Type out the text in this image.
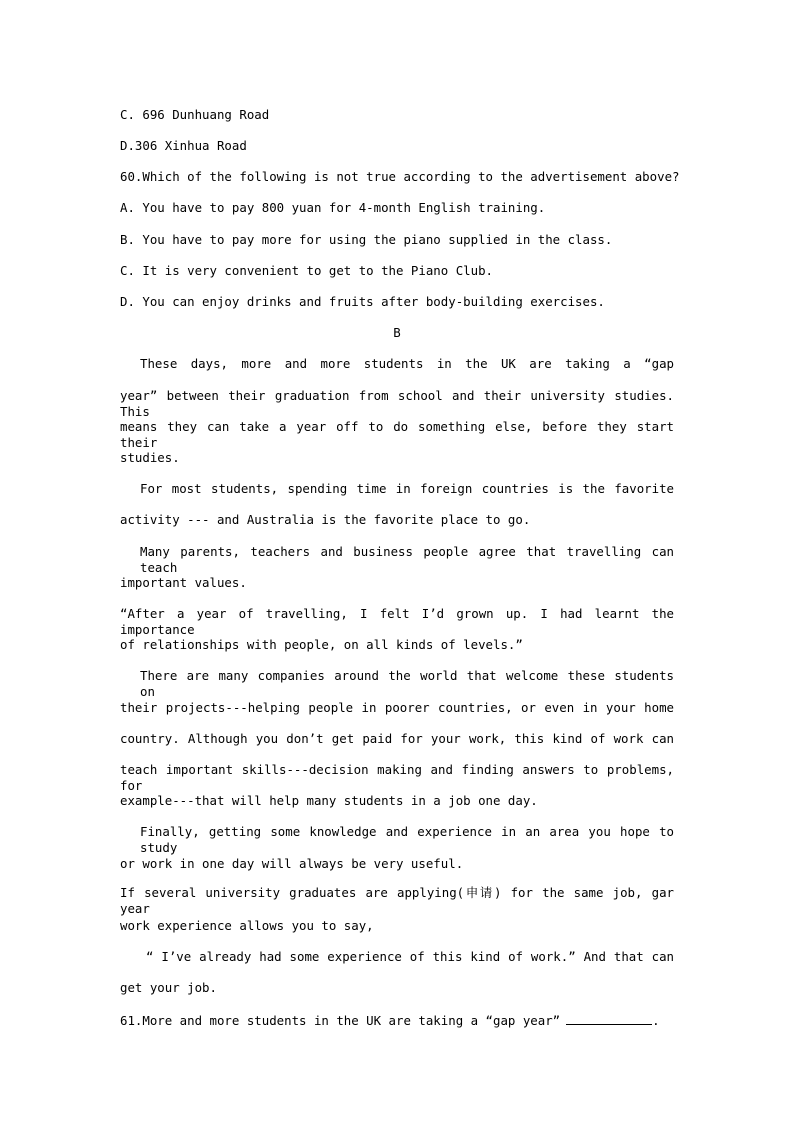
C. 696 Dunhuang Road
D.306 Xinhua Road
60.Which of the following is not true according to the advertisement above?
A. You have to pay 800 yuan for 4-month English training.
B. You have to pay more for using the piano supplied in the class.
C. It is very convenient to get to the Piano Club.
D. You can enjoy drinks and fruits after body-building exercises.
B
These days, more and more students in the UK are taking a “gap
year” between their graduation from school and their university studies. This
means they can take a year off to do something else, before they start their
studies.
For most students, spending time in foreign countries is the favorite
activity --- and Australia is the favorite place to go.
Many parents, teachers and business people agree that travelling can teach
important values.
“After a year of travelling, I felt I’d grown up. I had learnt the importance
of relationships with people, on all kinds of levels.”
There are many companies around the world that welcome these students on
their projects---helping people in poorer countries, or even in your home
country. Although you don’t get paid for your work, this kind of work can
teach important skills---decision making and finding answers to problems, for
example---that will help many students in a job one day.
Finally, getting some knowledge and experience in an area you hope to study
or work in one day will always be very useful.
If several university graduates are applying(申请) for the same job, gar year
work experience allows you to say,
“ I’ve already had some experience of this kind of work.” And that can
get your job.
61.More and more students in the UK are taking a “gap year”	.
